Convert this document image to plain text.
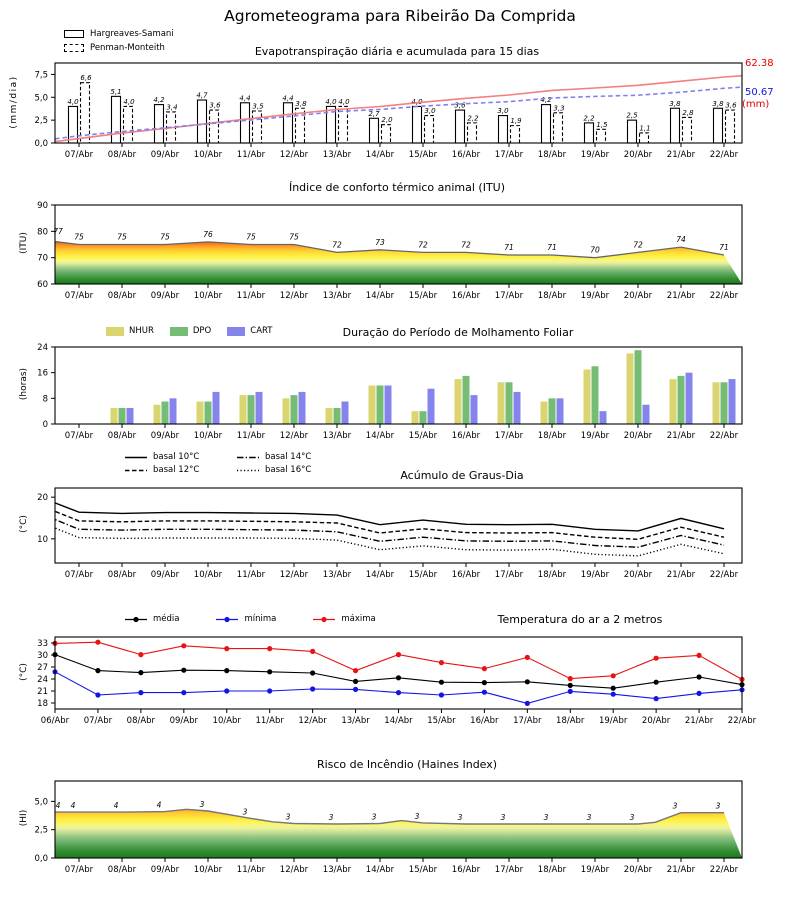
4,0
5,1
4,2
4,7	4,4	4,4	4,0
2,7
4,0	3,6
3,0
4,2
2,2	2,5
3,8	3,8
6,6
4,0
3,4	3,6	3,5	3,8	4,0
2,0
3,0
2,2	1,9
3,3
1,5	1,1
2,8
3,6
0,0
2,5
5,0
7,5
07/Abr 08/Abr 09/Abr 10/Abr 11/Abr 12/Abr 13/Abr 14/Abr 15/Abr 16/Abr 17/Abr 18/Abr 19/Abr 20/Abr 21/Abr 22/Abr
77
75	75	75	76	75	75
72	73	72	72	71	71	70
72
74
71
60
70
80
90
07/Abr 08/Abr 09/Abr 10/Abr 11/Abr 12/Abr 13/Abr 14/Abr 15/Abr 16/Abr 17/Abr 18/Abr 19/Abr 20/Abr 21/Abr 22/Abr
0
8
16
24
07/Abr 08/Abr 09/Abr 10/Abr 11/Abr 12/Abr 13/Abr 14/Abr 15/Abr 16/Abr 17/Abr 18/Abr 19/Abr 20/Abr 21/Abr 22/Abr
10
20
07/Abr 08/Abr 09/Abr 10/Abr 11/Abr 12/Abr 13/Abr 14/Abr 15/Abr 16/Abr 17/Abr 18/Abr 19/Abr 20/Abr 21/Abr 22/Abr
18
21
24
27
30
33
06/Abr 07/Abr 08/Abr 09/Abr 10/Abr 11/Abr 12/Abr 13/Abr 14/Abr 15/Abr 16/Abr 17/Abr 18/Abr 19/Abr 20/Abr 21/Abr 22/Abr
4 4	4	4	3
3
3	3	3	3	3	3	3	3	3
3	3
0,0
2,5
5,0
07/Abr 08/Abr 09/Abr 10/Abr 11/Abr 12/Abr 13/Abr 14/Abr 15/Abr 16/Abr 17/Abr 18/Abr 19/Abr 20/Abr 21/Abr 22/Abr
Agrometeograma para Ribeirão Da Comprida
Hargreaves-Samani
Penman-Monteith	Evapotranspiração diária e acumulada para 15 dias
(mm/dia)
62.38
50.67
(mm)
Índice de conforto térmico animal (ITU)
(ITU)
NHUR	DPO	CART	Duração do Período de Molhamento Foliar
(horas)
basal 10°C	basal 14°C
basal 12°C	basal 16°C	Acúmulo de Graus-Dia
(°C)
média	mínima	máxima	Temperatura do ar a 2 metros
(°C)
Risco de Incêndio (Haines Index)
(HI)
